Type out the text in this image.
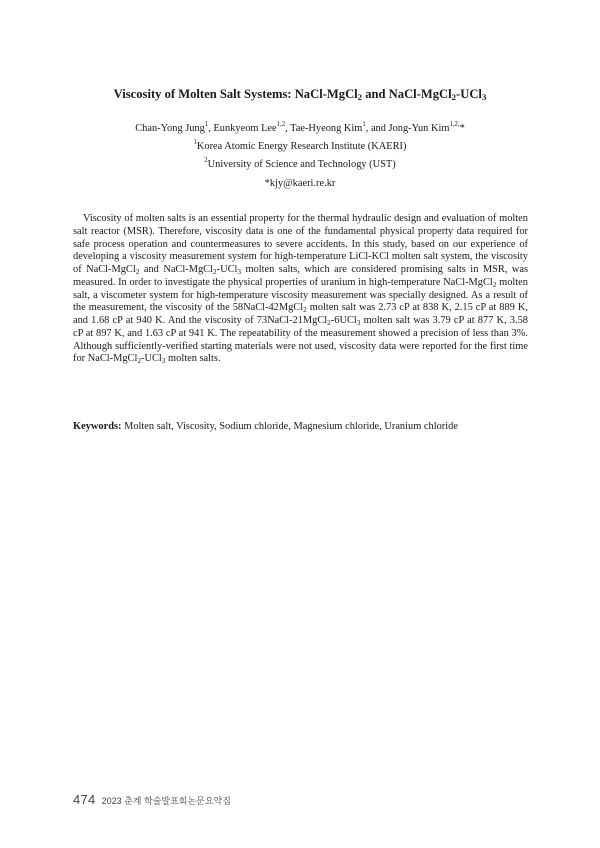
Viscosity of Molten Salt Systems: NaCl-MgCl$_2$ and NaCl-MgCl$_2$-UCl$_3$
Chan-Yong Jung$^1$, Eunkyeom Lee$^{1,2}$, Tae-Hyeong Kim$^1$, and Jong-Yun Kim$^{1,2,}$*
$^1$Korea Atomic Energy Research Institute (KAERI)
$^2$University of Science and Technology (UST)
*kjy@kaeri.re.kr

Viscosity of molten salts is an essential property for the thermal hydraulic design and evaluation of molten salt reactor (MSR). Therefore, viscosity data is one of the fundamental physical property data required for safe process operation and countermeasures to severe accidents. In this study, based on our experience of developing a viscosity measurement system for high-temperature LiCl-KCl molten salt system, the viscosity of NaCl-MgCl$_2$ and NaCl-MgCl$_2$-UCl$_3$ molten salts, which are considered promising salts in MSR, was measured. In order to investigate the physical properties of uranium in high-temperature NaCl-MgCl$_2$ molten salt, a viscometer system for high-temperature viscosity measurement was specially designed. As a result of the measurement, the viscosity of the 58NaCl-42MgCl$_2$ molten salt was 2.73 cP at 838 K, 2.15 cP at 889 K, and 1.68 cP at 940 K. And the viscosity of 73NaCl-21MgCl$_2$-6UCl$_3$ molten salt was 3.79 cP at 877 K, 3.58 cP at 897 K, and 1.63 cP at 941 K. The repeatability of the measurement showed a precision of less than 3%. Although sufficiently-verified starting materials were not used, viscosity data were reported for the first time for NaCl-MgCl$_2$-UCl$_3$ molten salts.

Keywords: Molten salt, Viscosity, Sodium chloride, Magnesium chloride, Uranium chloride

474 2023 춘계 학술발표회논문요약집
